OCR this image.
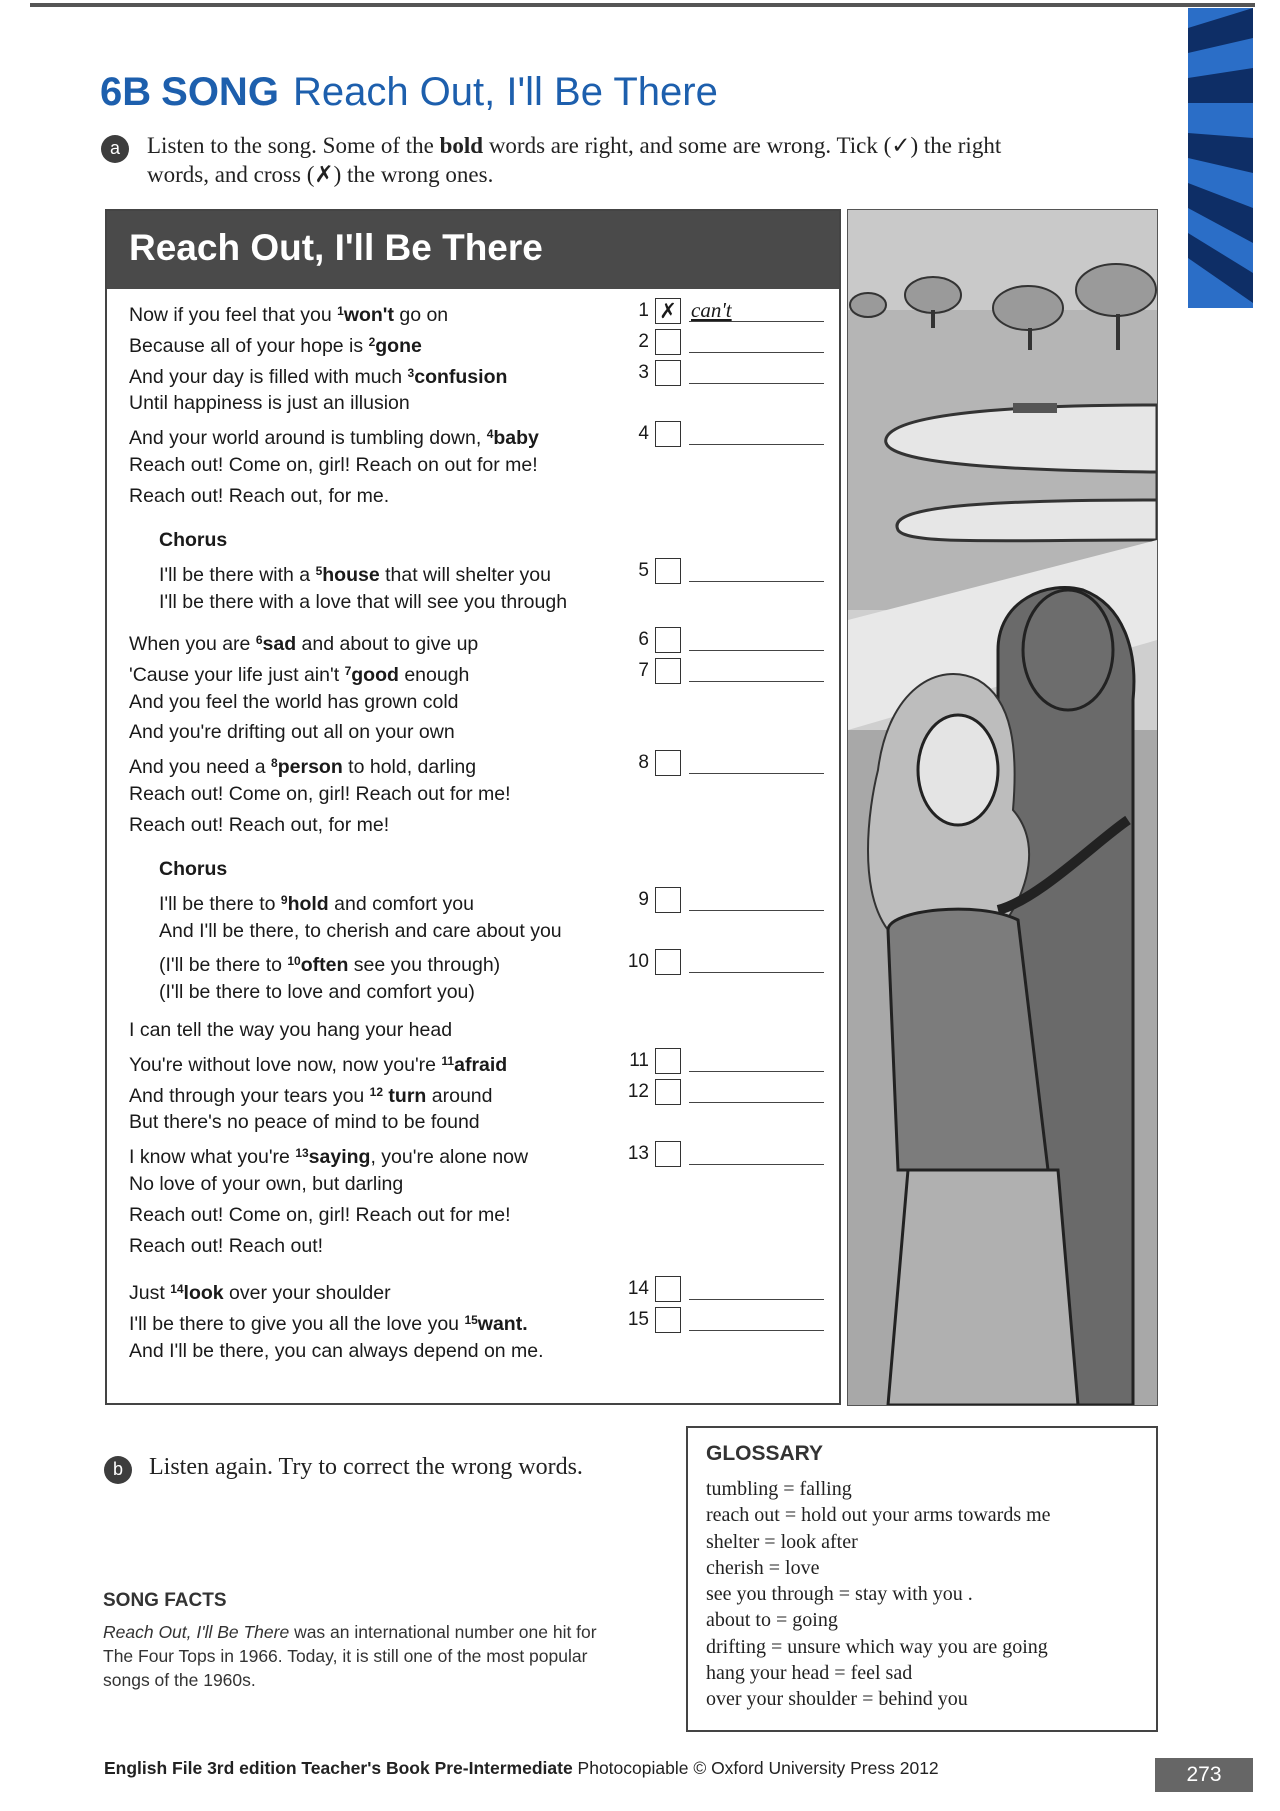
6B SONG Reach Out, I'll Be There
a	Listen to the song. Some of the bold words are right, and some are wrong. Tick (✓) the right
words, and cross (✗) the wrong ones.
Reach Out, I'll Be There
Now if you feel that you $^1$won't go on
Because all of your hope is $^2$gone
And your day is filled with much $^3$confusion
Until happiness is just an illusion
And your world around is tumbling down, $^4$baby
Reach out! Come on, girl! Reach on out for me!
Reach out! Reach out, for me.
Chorus
I'll be there with a $^5$house that will shelter you
I'll be there with a love that will see you through
When you are $^6$sad and about to give up
'Cause your life just ain't $^7$good enough
And you feel the world has grown cold
And you're drifting out all on your own
And you need a $^8$person to hold, darling
Reach out! Come on, girl! Reach out for me!
Reach out! Reach out, for me!
Chorus
I'll be there to $^9$hold and comfort you
And I'll be there, to cherish and care about you
(I'll be there to $^{10}$often see you through)
(I'll be there to love and comfort you)
I can tell the way you hang your head
You're without love now, now you're $^{11}$afraid
And through your tears you $^{12}$ turn around
But there's no peace of mind to be found
I know what you're $^{13}$saying, you're alone now
No love of your own, but darling
Reach out! Come on, girl! Reach out for me!
Reach out! Reach out!
Just $^{14}$look over your shoulder
I'll be there to give you all the love you $^{15}$want.
And I'll be there, you can always depend on me.
1 ✗ can't
2
3
4
5
6
7
8
9
10
11
12
13
14
15
b	Listen again. Try to correct the wrong words.
GLOSSARY
tumbling = falling
reach out = hold out your arms towards me
shelter = look after
cherish = love
see you through = stay with you .
about to = going
drifting = unsure which way you are going
hang your head = feel sad
over your shoulder = behind you
SONG FACTS
Reach Out, I'll Be There was an international number one hit for The Four Tops in 1966. Today, it is still one of the most popular songs of the 1960s.
English File 3rd edition Teacher's Book Pre-Intermediate Photocopiable © Oxford University Press 2012	273
